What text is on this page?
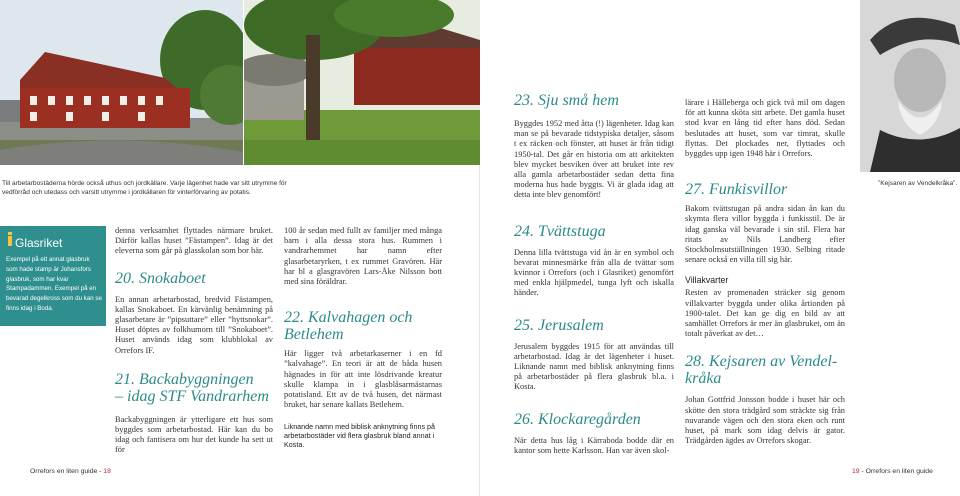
Till arbetarbostäderna hörde också uthus och jordkällare. Varje lägenhet hade var sitt utrymme för vedförråd och utedass och varsitt utrymme i jordkällaren för vinterförvaring av potatis.
Glasriket
Exempel på ett annat glasbruk som hade stamp är Johansfors glasbruk, som har kvar Stampadammen. Exempel på en bevarad degelkross som du kan se finns idag i Boda.
denna verksamhet flyttades närmare bruket. Därför kallas huset ”Fästampen”. Idag är det eleverna som går på glasskolan som bor här.
20. Snokaboet
En annan arbetarbostad, bredvid Fästampen, kallas Snokaboet. En kärvänlig benämning på glasarbetare är ”pipsuttare” eller ”hyttsnokar”. Huset döptes av folkhumorn till ”Snokaboet”. Huset används idag som klubblokal av Orrefors IF.
21. Backabyggningen
– idag STF Vandrarhem
Backabyggningen är ytterligare ett hus som byggdes som arbetarbostad. Här kan du bo idag och fantisera om hur det kunde ha sett ut för
100 år sedan med fullt av familjer med många barn i alla dessa stora hus. Rummen i vandrarhemmet har namn efter glasarbetaryrken, t ex rummet Gravören. Här har bl a glasgravören Lars-Åke Nilsson bott med sina föräldrar.
22. Kalvahagen och
Betlehem
Här ligger två arbetarkaserner i en fd ”kalvahage”. En teori är att de båda husen hägnades in för att inte lösdrivande kreatur skulle klampa in i glasblåsarmästarnas potatisland. Ett av de två husen, det närmast bruket, har senare kallats Betlehem.
Liknande namn med biblisk anknytning finns på arbetarbostäder vid flera glasbruk bland annat i Kosta.
23. Sju små hem
Byggdes 1952 med åtta (!) lägenheter. Idag kan man se på bevarade tidstypiska detaljer, såsom t ex räcken och fönster, att huset är från tidigt 1950-tal. Det går en historia om att arkitekten blev mycket besviken över att bruket inte rev alla gamla arbetarbostäder sedan detta fina moderna hus hade byggts. Vi är glada idag att detta inte blev genomfört!
24. Tvättstuga
Denna lilla tvättstuga vid ån är en symbol och bevarat minnesmärke från alla de tvättar som kvinnor i Orrefors (och i Glasriket) genomfört med enkla hjälpmedel, tunga lyft och iskalla händer.
25. Jerusalem
Jerusalem byggdes 1915 för att användas till arbetarbostad. Idag är det lägenheter i huset. Liknande namn med biblisk anknytning finns på arbetarbostäder på flera glasbruk bl.a. i Kosta.
26. Klockaregården
När detta hus låg i Kärraboda bodde där en kantor som hette Karlsson. Han var även skol-
lärare i Hälleberga och gick två mil om dagen för att kunna sköta sitt arbete. Det gamla huset stod kvar en lång tid efter hans död. Sedan beslutades att huset, som var timrat, skulle flyttas. Det plockades ner, flyttades och byggdes upp igen 1948 här i Orrefors.
27. Funkisvillor
Bakom tvättstugan på andra sidan ån kan du skymta flera villor byggda i funkisstil. De är idag ganska väl bevarade i sin stil. Flera har ritats av Nils Landberg efter Stockholmsutställningen 1930. Selbing ritade senare också en villa till sig här.
Villakvarter
Resten av promenaden sträcker sig genom villakvarter byggda under olika årtionden på 1900-talet. Det kan ge dig en bild av att samhället Orrefors är mer än glasbruket, om än totalt påverkat av det…
28. Kejsaren av Vendel-
kråka
Johan Gottfrid Jonsson bodde i huset här och skötte den stora trädgård som sträckte sig från nuvarande vägen och den stora eken och runt huset, på mark som idag delvis är gator. Trädgården ägdes av Orrefors skogar.
”Kejsaren av Vendelkråka”.
Orrefors en liten guide - 18	19 - Orrefors en liten guide
